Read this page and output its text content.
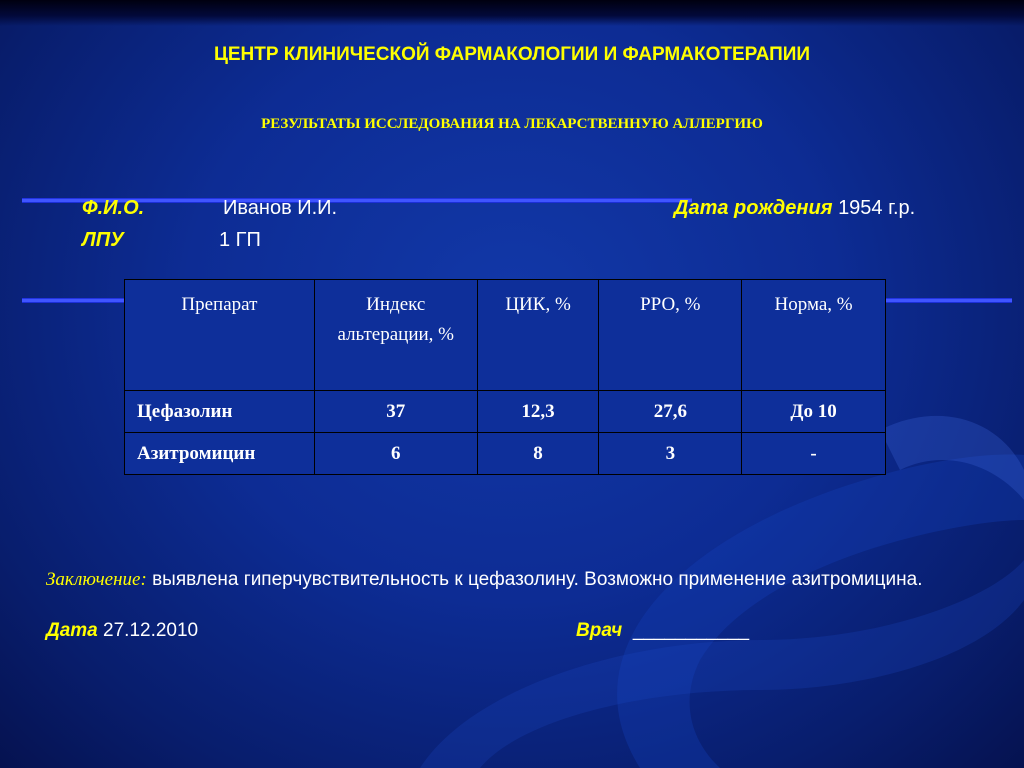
ЦЕНТР КЛИНИЧЕСКОЙ ФАРМАКОЛОГИИ И ФАРМАКОТЕРАПИИ
РЕЗУЛЬТАТЫ ИССЛЕДОВАНИЯ НА ЛЕКАРСТВЕННУЮ АЛЛЕРГИЮ
Ф.И.О.	Иванов И.И.	Дата рождения 1954 г.р.
ЛПУ	1 ГП
Препарат	Индекс альтерации, %	ЦИК, %	РРО, %	Норма, %
Цефазолин	37	12,3	27,6	До 10
Азитромицин	6	8	3	-
Заключение: выявлена гиперчувствительность к цефазолину. Возможно применение азитромицина.
Дата 27.12.2010	Врач ___________
